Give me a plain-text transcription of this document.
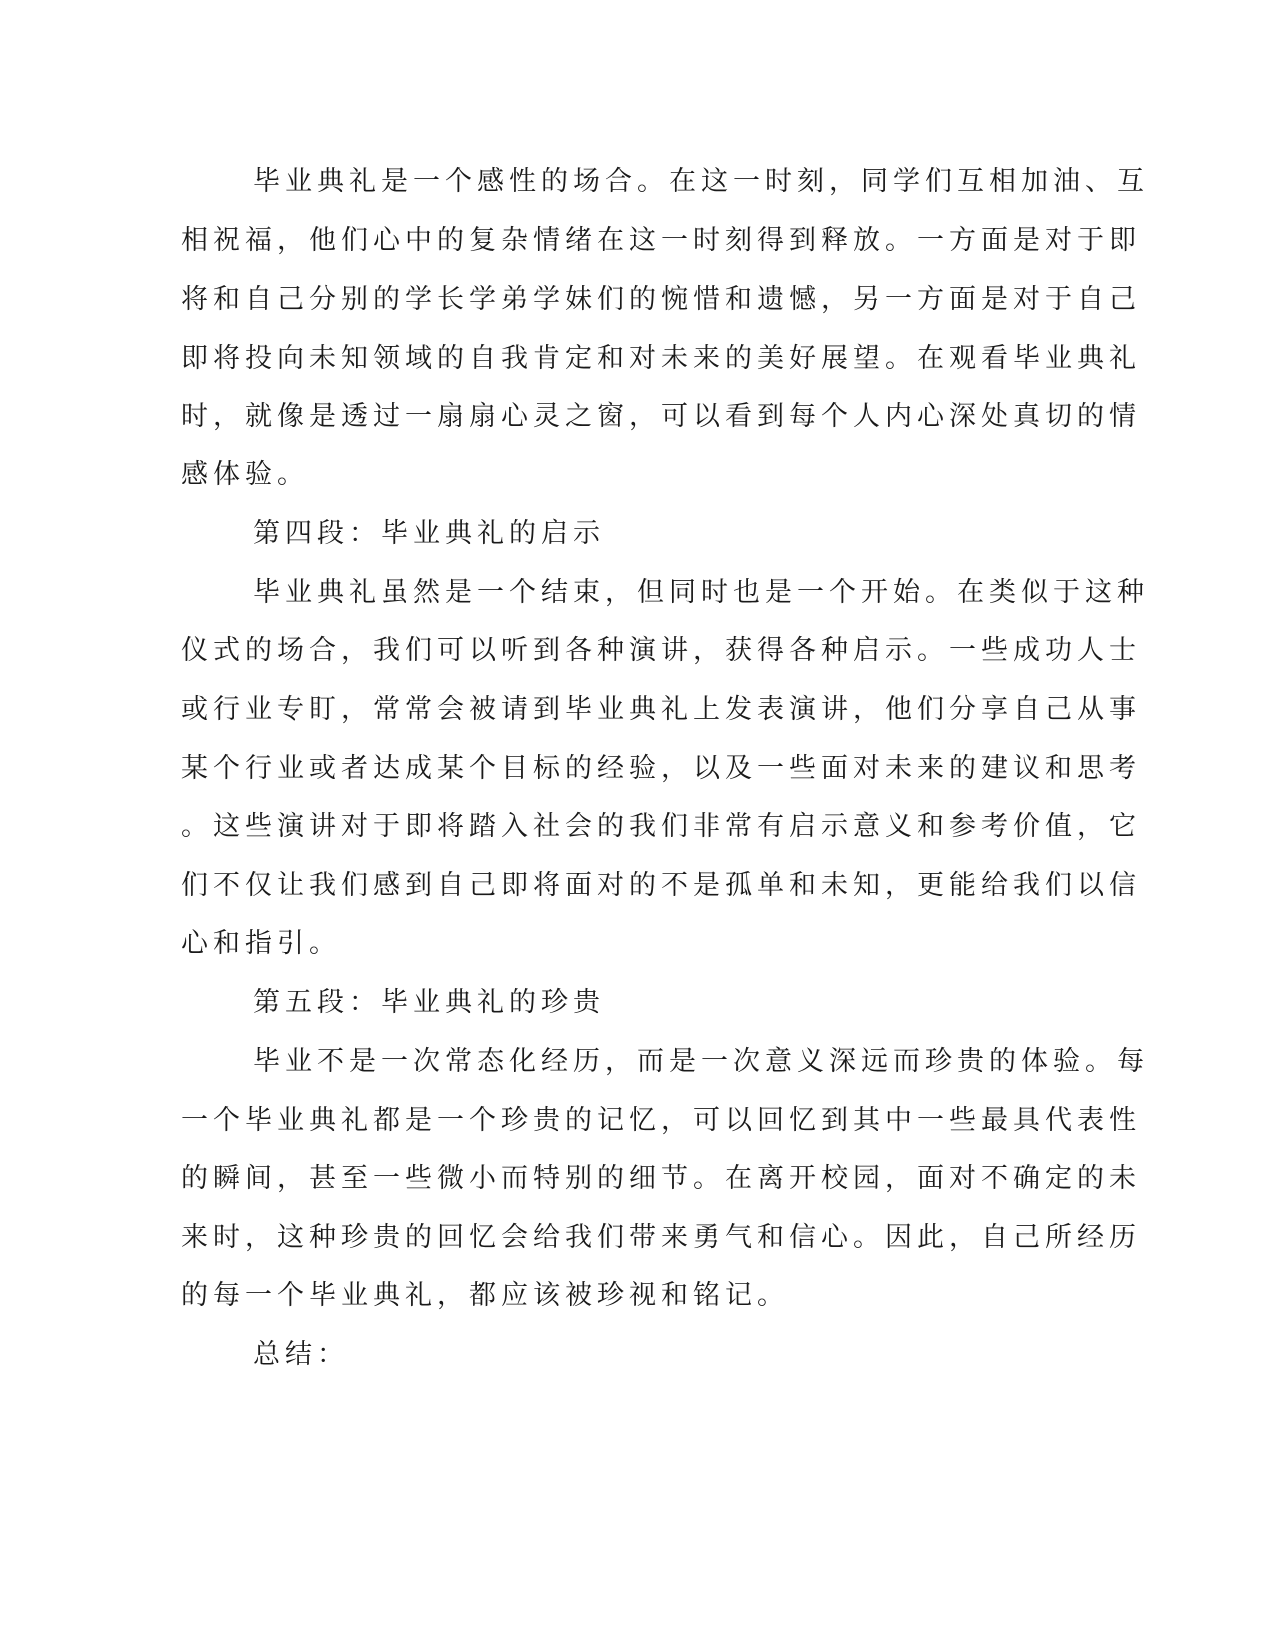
毕业典礼是一个感性的场合。在这一时刻，同学们互相加油、互
相祝福，他们心中的复杂情绪在这一时刻得到释放。一方面是对于即
将和自己分别的学长学弟学妹们的惋惜和遗憾，另一方面是对于自己
即将投向未知领域的自我肯定和对未来的美好展望。在观看毕业典礼
时，就像是透过一扇扇心灵之窗，可以看到每个人内心深处真切的情
感体验。
第四段：毕业典礼的启示
毕业典礼虽然是一个结束，但同时也是一个开始。在类似于这种
仪式的场合，我们可以听到各种演讲，获得各种启示。一些成功人士
或行业专盯，常常会被请到毕业典礼上发表演讲，他们分享自己从事
某个行业或者达成某个目标的经验，以及一些面对未来的建议和思考
。这些演讲对于即将踏入社会的我们非常有启示意义和参考价值，它
们不仅让我们感到自己即将面对的不是孤单和未知，更能给我们以信
心和指引。
第五段：毕业典礼的珍贵
毕业不是一次常态化经历，而是一次意义深远而珍贵的体验。每
一个毕业典礼都是一个珍贵的记忆，可以回忆到其中一些最具代表性
的瞬间，甚至一些微小而特别的细节。在离开校园，面对不确定的未
来时，这种珍贵的回忆会给我们带来勇气和信心。因此，自己所经历
的每一个毕业典礼，都应该被珍视和铭记。
总结：
